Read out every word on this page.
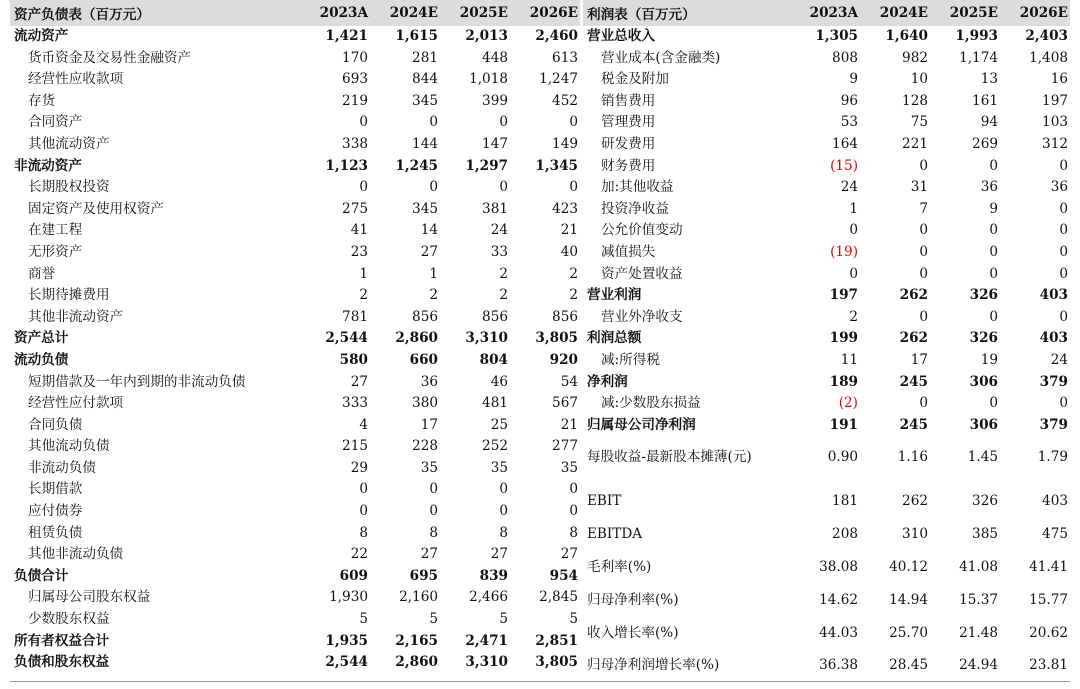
资产负债表（百万元）	2023A	2024E	2025E	2026E
流动资产	1,421	1,615	2,013	2,460
货币资金及交易性金融资产	170	281	448	613
经营性应收款项	693	844	1,018	1,247
存货	219	345	399	452
合同资产	0	0	0	0
其他流动资产	338	144	147	149
非流动资产	1,123	1,245	1,297	1,345
长期股权投资	0	0	0	0
固定资产及使用权资产	275	345	381	423
在建工程	41	14	24	21
无形资产	23	27	33	40
商誉	1	1	2	2
长期待摊费用	2	2	2	2
其他非流动资产	781	856	856	856
资产总计	2,544	2,860	3,310	3,805
流动负债	580	660	804	920
短期借款及一年内到期的非流动负债	27	36	46	54
经营性应付款项	333	380	481	567
合同负债	4	17	25	21
其他流动负债	215	228	252	277
非流动负债	29	35	35	35
长期借款	0	0	0	0
应付债券	0	0	0	0
租赁负债	8	8	8	8
其他非流动负债	22	27	27	27
负债合计	609	695	839	954
归属母公司股东权益	1,930	2,160	2,466	2,845
少数股东权益	5	5	5	5
所有者权益合计	1,935	2,165	2,471	2,851
负债和股东权益	2,544	2,860	3,310	3,805
利润表（百万元）	2023A	2024E	2025E	2026E
营业总收入	1,305	1,640	1,993	2,403
营业成本(含金融类)	808	982	1,174	1,408
税金及附加	9	10	13	16
销售费用	96	128	161	197
管理费用	53	75	94	103
研发费用	164	221	269	312
财务费用	(15)	0	0	0
加:其他收益	24	31	36	36
投资净收益	1	7	9	0
公允价值变动	0	0	0	0
减值损失	(19)	0	0	0
资产处置收益	0	0	0	0
营业利润	197	262	326	403
营业外净收支	2	0	0	0
利润总额	199	262	326	403
减:所得税	11	17	19	24
净利润	189	245	306	379
减:少数股东损益	(2)	0	0	0
归属母公司净利润	191	245	306	379
每股收益-最新股本摊薄(元)	0.90	1.16	1.45	1.79
EBIT	181	262	326	403
EBITDA	208	310	385	475
毛利率(%)	38.08	40.12	41.08	41.41
归母净利率(%)	14.62	14.94	15.37	15.77
收入增长率(%)	44.03	25.70	21.48	20.62
归母净利润增长率(%)	36.38	28.45	24.94	23.81
